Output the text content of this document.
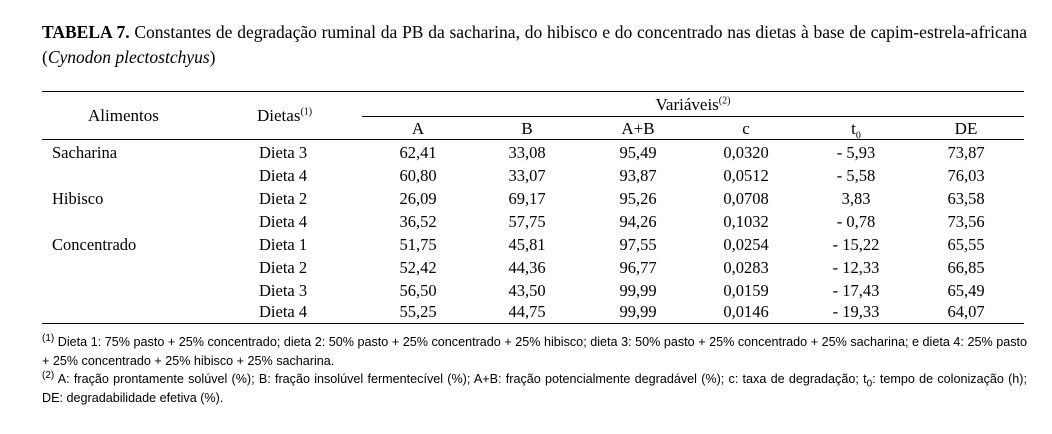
TABELA 7. Constantes de degradação ruminal da PB da sacharina, do hibisco e do concentrado nas dietas à base de capim-estrela-africana (Cynodon plectostchyus)
Alimentos	Dietas$^{(1)}$	Variáveis$^{(2)}$
A	B	A+B	c	$t_0$	DE
Sacharina	Dieta 3	62,41	33,08	95,49	0,0320	- 5,93	73,87
Dieta 4	60,80	33,07	93,87	0,0512	- 5,58	76,03
Hibisco	Dieta 2	26,09	69,17	95,26	0,0708	3,83	63,58
Dieta 4	36,52	57,75	94,26	0,1032	- 0,78	73,56
Concentrado	Dieta 1	51,75	45,81	97,55	0,0254	- 15,22	65,55
Dieta 2	52,42	44,36	96,77	0,0283	- 12,33	66,85
Dieta 3	56,50	43,50	99,99	0,0159	- 17,43	65,49
Dieta 4	55,25	44,75	99,99	0,0146	- 19,33	64,07

$^{(1)}$ Dieta 1: 75% pasto + 25% concentrado; dieta 2: 50% pasto + 25% concentrado + 25% hibisco; dieta 3: 50% pasto + 25% concentrado + 25% sacharina; e dieta 4: 25% pasto + 25% concentrado + 25% hibisco + 25% sacharina.

$^{(2)}$ A: fração prontamente solúvel (%); B: fração insolúvel fermentecível (%); A+B: fração potencialmente degradável (%); c: taxa de degradação; $t_0$: tempo de colonização (h); DE: degradabilidade efetiva (%).
